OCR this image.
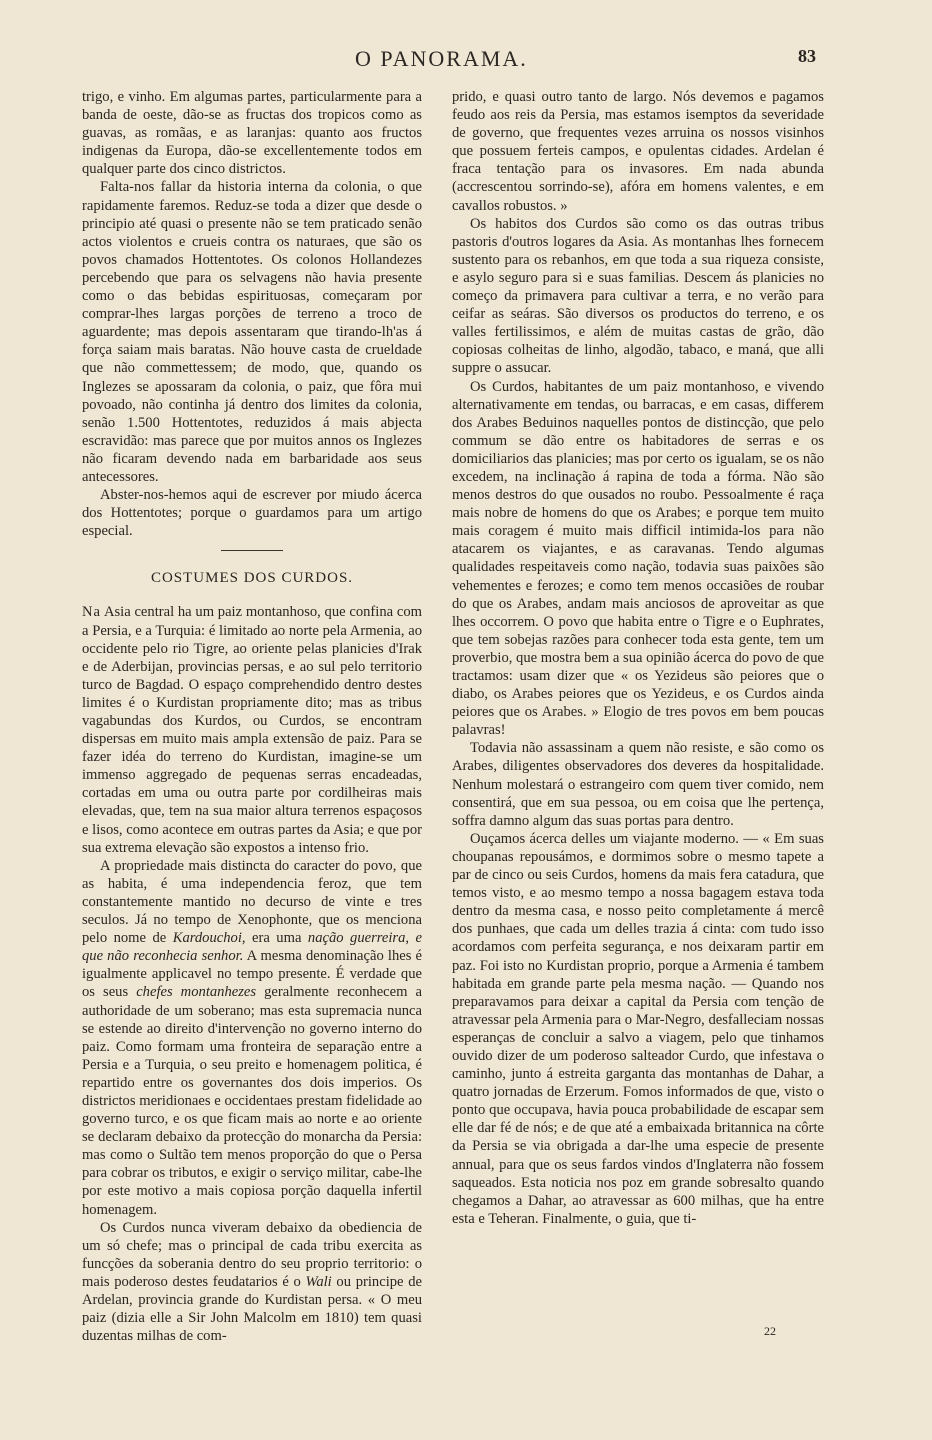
O PANORAMA.	83

trigo, e vinho. Em algumas partes, particularmente para a banda de oeste, dão-se as fructas dos tropicos como as guavas, as romãas, e as laranjas: quanto aos fructos indigenas da Europa, dão-se excellentemente todos em qualquer parte dos cinco districtos.

Falta-nos fallar da historia interna da colonia, o que rapidamente faremos. Reduz-se toda a dizer que desde o principio até quasi o presente não se tem praticado senão actos violentos e crueis contra os naturaes, que são os povos chamados Hottentotes. Os colonos Hollandezes percebendo que para os selvagens não havia presente como o das bebidas espirituosas, começaram por comprar-lhes largas porções de terreno a troco de aguardente; mas depois assentaram que tirando-lh'as á força saiam mais baratas. Não houve casta de crueldade que não commettessem; de modo, que, quando os Inglezes se apossaram da colonia, o paiz, que fôra mui povoado, não continha já dentro dos limites da colonia, senão 1.500 Hottentotes, reduzidos á mais abjecta escravidão: mas parece que por muitos annos os Inglezes não ficaram devendo nada em barbaridade aos seus antecessores.

Abster-nos-hemos aqui de escrever por miudo ácerca dos Hottentotes; porque o guardamos para um artigo especial.

COSTUMES DOS CURDOS.

Na Asia central ha um paiz montanhoso, que confina com a Persia, e a Turquia: é limitado ao norte pela Armenia, ao occidente pelo rio Tigre, ao oriente pelas planicies d'Irak e de Aderbijan, provincias persas, e ao sul pelo territorio turco de Bagdad. O espaço comprehendido dentro destes limites é o Kurdistan propriamente dito; mas as tribus vagabundas dos Kurdos, ou Curdos, se encontram dispersas em muito mais ampla extensão de paiz. Para se fazer idéa do terreno do Kurdistan, imagine-se um immenso aggregado de pequenas serras encadeadas, cortadas em uma ou outra parte por cordilheiras mais elevadas, que, tem na sua maior altura terrenos espaçosos e lisos, como acontece em outras partes da Asia; e que por sua extrema elevação são expostos a intenso frio.

A propriedade mais distincta do caracter do povo, que as habita, é uma independencia feroz, que tem constantemente mantido no decurso de vinte e tres seculos. Já no tempo de Xenophonte, que os menciona pelo nome de Kardouchoi, era uma nação guerreira, e que não reconhecia senhor. A mesma denominação lhes é igualmente applicavel no tempo presente. É verdade que os seus chefes montanhezes geralmente reconhecem a authoridade de um soberano; mas esta supremacia nunca se estende ao direito d'intervenção no governo interno do paiz. Como formam uma fronteira de separação entre a Persia e a Turquia, o seu preito e homenagem politica, é repartido entre os governantes dos dois imperios. Os districtos meridionaes e occidentaes prestam fidelidade ao governo turco, e os que ficam mais ao norte e ao oriente se declaram debaixo da protecção do monarcha da Persia: mas como o Sultão tem menos proporção do que o Persa para cobrar os tributos, e exigir o serviço militar, cabe-lhe por este motivo a mais copiosa porção daquella infertil homenagem.

Os Curdos nunca viveram debaixo da obediencia de um só chefe; mas o principal de cada tribu exercita as funcções da soberania dentro do seu proprio territorio: o mais poderoso destes feudatarios é o Wali ou principe de Ardelan, provincia grande do Kurdistan persa. « O meu paiz (dizia elle a Sir John Malcolm em 1810) tem quasi duzentas milhas de com-

prido, e quasi outro tanto de largo. Nós devemos e pagamos feudo aos reis da Persia, mas estamos isemptos da severidade de governo, que frequentes vezes arruina os nossos visinhos que possuem ferteis campos, e opulentas cidades. Ardelan é fraca tentação para os invasores. Em nada abunda (accrescentou sorrindo-se), afóra em homens valentes, e em cavallos robustos. »

Os habitos dos Curdos são como os das outras tribus pastoris d'outros logares da Asia. As montanhas lhes fornecem sustento para os rebanhos, em que toda a sua riqueza consiste, e asylo seguro para si e suas familias. Descem ás planicies no começo da primavera para cultivar a terra, e no verão para ceifar as seáras. São diversos os productos do terreno, e os valles fertilissimos, e além de muitas castas de grão, dão copiosas colheitas de linho, algodão, tabaco, e maná, que alli suppre o assucar.

Os Curdos, habitantes de um paiz montanhoso, e vivendo alternativamente em tendas, ou barracas, e em casas, differem dos Arabes Beduinos naquelles pontos de distincção, que pelo commum se dão entre os habitadores de serras e os domiciliarios das planicies; mas por certo os igualam, se os não excedem, na inclinação á rapina de toda a fórma. Não são menos destros do que ousados no roubo. Pessoalmente é raça mais nobre de homens do que os Arabes; e porque tem muito mais coragem é muito mais difficil intimida-los para não atacarem os viajantes, e as caravanas. Tendo algumas qualidades respeitaveis como nação, todavia suas paixões são vehementes e ferozes; e como tem menos occasiões de roubar do que os Arabes, andam mais anciosos de aproveitar as que lhes occorrem. O povo que habita entre o Tigre e o Euphrates, que tem sobejas razões para conhecer toda esta gente, tem um proverbio, que mostra bem a sua opinião ácerca do povo de que tractamos: usam dizer que « os Yezideus são peiores que o diabo, os Arabes peiores que os Yezideus, e os Curdos ainda peiores que os Arabes. » Elogio de tres povos em bem poucas palavras!

Todavia não assassinam a quem não resiste, e são como os Arabes, diligentes observadores dos deveres da hospitalidade. Nenhum molestará o estrangeiro com quem tiver comido, nem consentirá, que em sua pessoa, ou em coisa que lhe pertença, soffra damno algum das suas portas para dentro.

Ouçamos ácerca delles um viajante moderno. — « Em suas choupanas repousámos, e dormimos sobre o mesmo tapete a par de cinco ou seis Curdos, homens da mais fera catadura, que temos visto, e ao mesmo tempo a nossa bagagem estava toda dentro da mesma casa, e nosso peito completamente á mercê dos punhaes, que cada um delles trazia á cinta: com tudo isso acordamos com perfeita segurança, e nos deixaram partir em paz. Foi isto no Kurdistan proprio, porque a Armenia é tambem habitada em grande parte pela mesma nação. — Quando nos preparavamos para deixar a capital da Persia com tenção de atravessar pela Armenia para o Mar-Negro, desfalleciam nossas esperanças de concluir a salvo a viagem, pelo que tinhamos ouvido dizer de um poderoso salteador Curdo, que infestava o caminho, junto á estreita garganta das montanhas de Dahar, a quatro jornadas de Erzerum. Fomos informados de que, visto o ponto que occupava, havia pouca probabilidade de escapar sem elle dar fé de nós; e de que até a embaixada britannica na côrte da Persia se via obrigada a dar-lhe uma especie de presente annual, para que os seus fardos vindos d'Inglaterra não fossem saqueados. Esta noticia nos poz em grande sobresalto quando chegamos a Dahar, ao atravessar as 600 milhas, que ha entre esta e Teheran. Finalmente, o guia, que ti-

22
